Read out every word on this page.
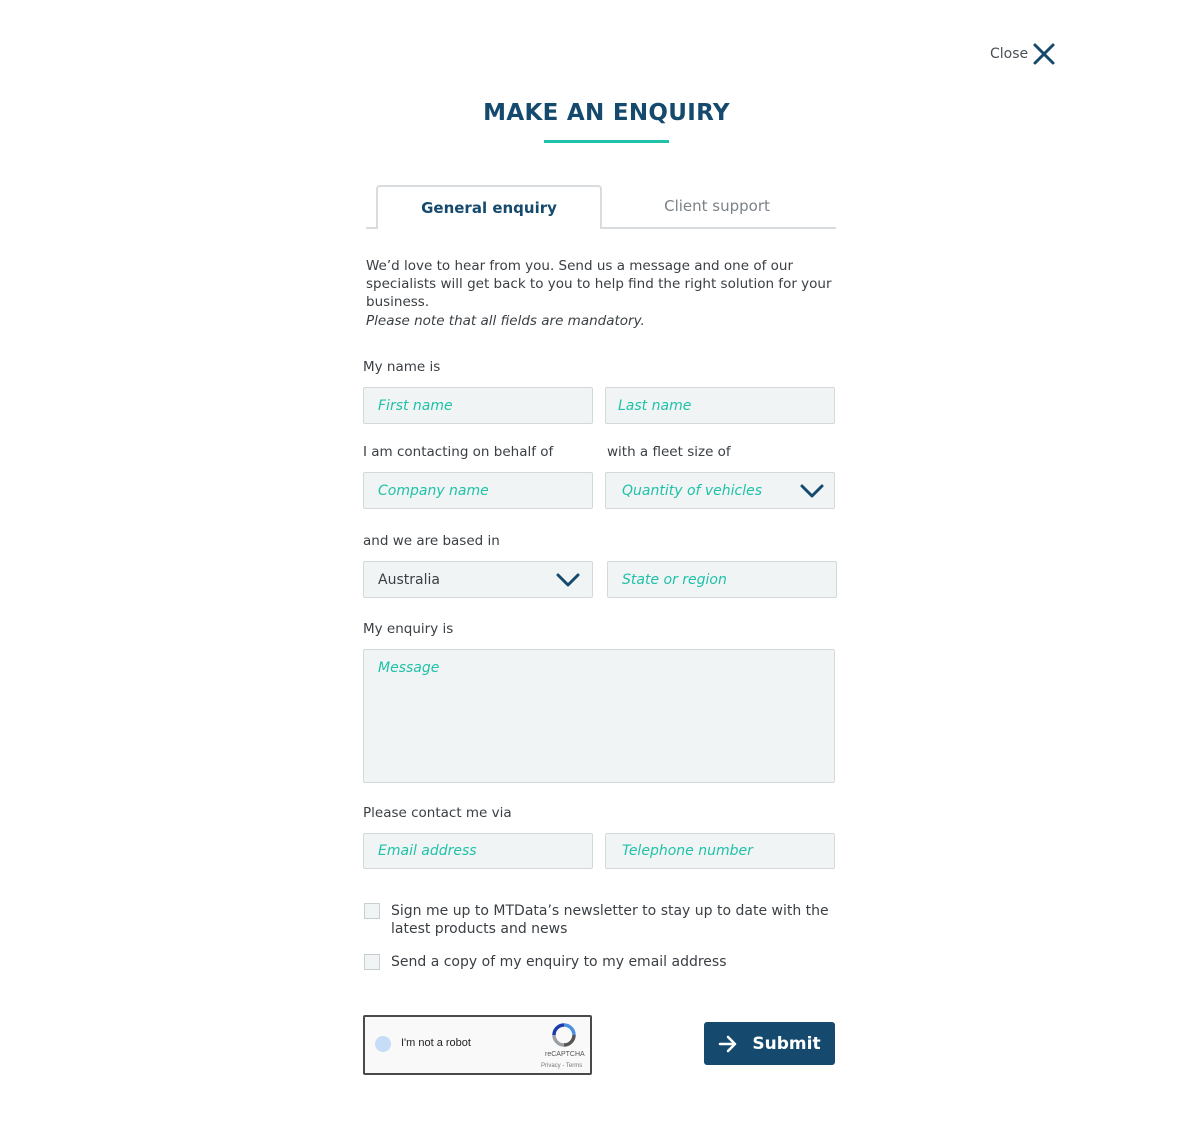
Close
MAKE AN ENQUIRY
General enquiry	Client support
We’d love to hear from you. Send us a message and one of our specialists will get back to you to help find the right solution for your business.
Please note that all fields are mandatory.
My name is
First name	Last name
I am contacting on behalf of	with a fleet size of
Company name	Quantity of vehicles
and we are based in
Australia	State or region
My enquiry is
Message
Please contact me via
Email address	Telephone number
Sign me up to MTData’s newsletter to stay up to date with the latest products and news
Send a copy of my enquiry to my email address
I'm not a robot
reCAPTCHA
Privacy - Terms
Submit
